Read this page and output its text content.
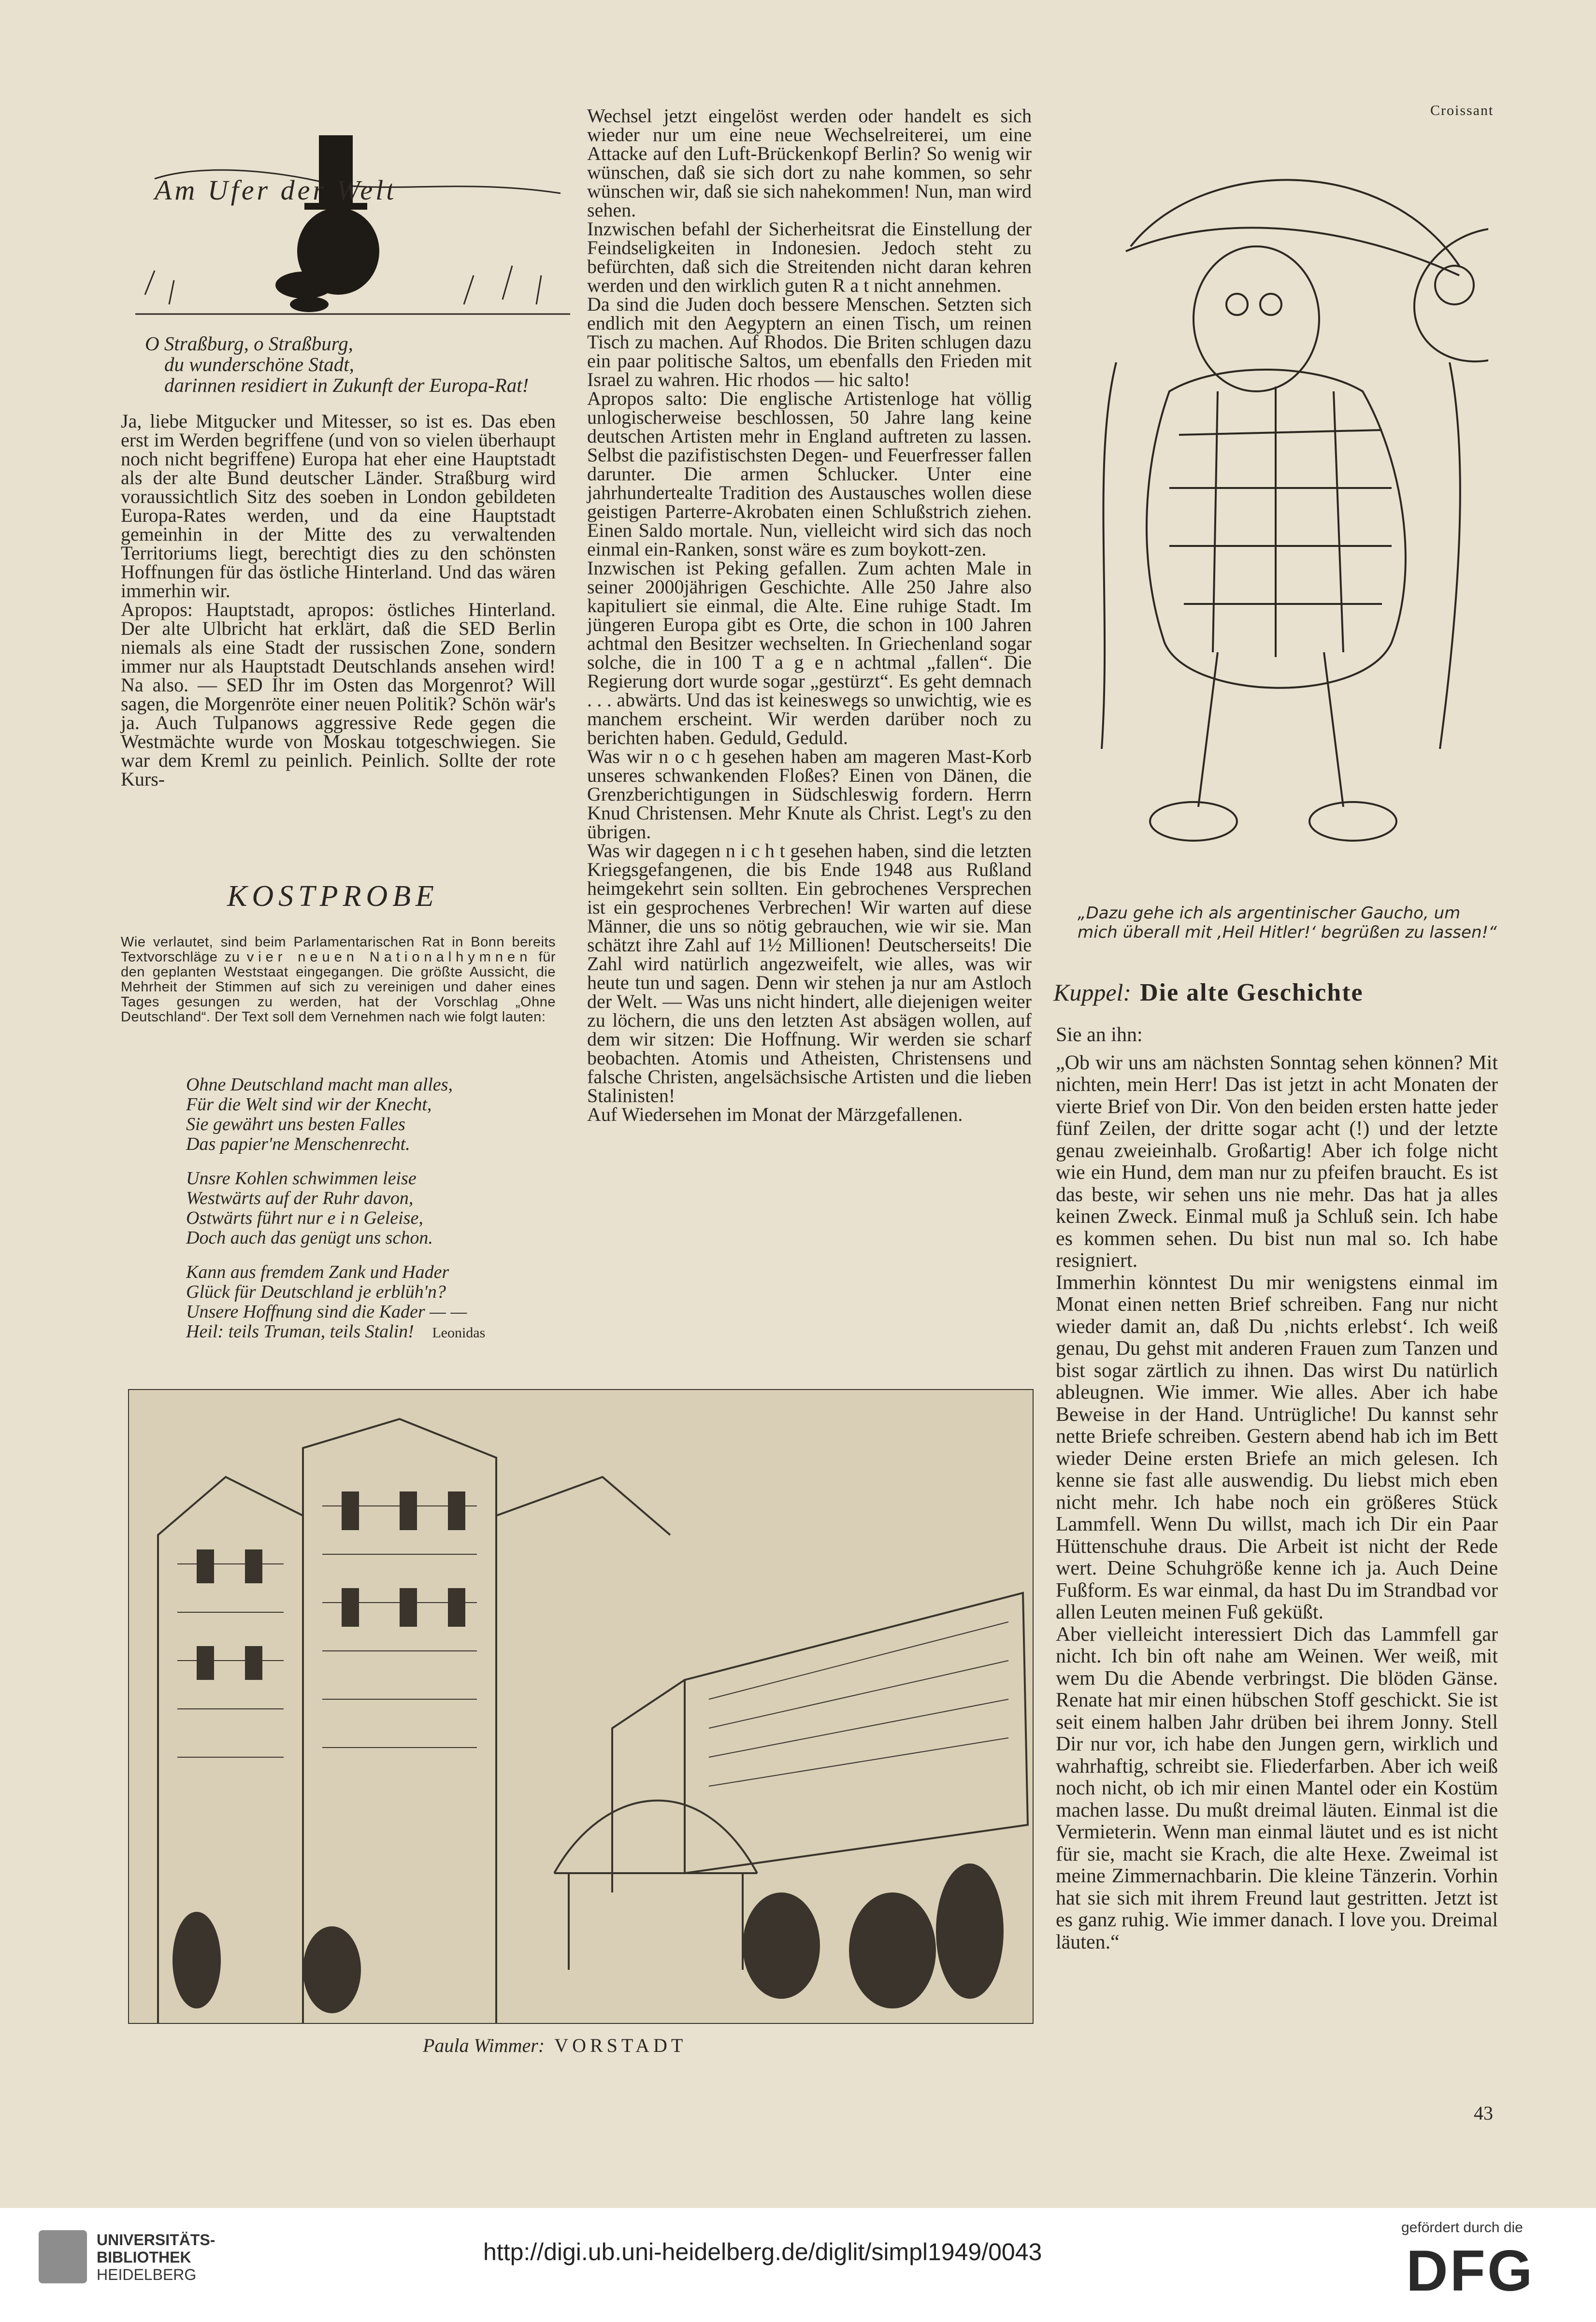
Am Ufer der Welt
O Straßburg, o Straßburg,
du wunderschöne Stadt,
darinnen residiert in Zukunft der Europa-Rat!

Ja, liebe Mitgucker und Mitesser, so ist es. Das eben erst im Werden begriffene (und von so vielen überhaupt noch nicht begriffene) Europa hat eher eine Hauptstadt als der alte Bund deutscher Länder. Straßburg wird voraussichtlich Sitz des soeben in London gebildeten Europa-Rates werden, und da eine Hauptstadt gemeinhin in der Mitte des zu verwaltenden Territoriums liegt, berechtigt dies zu den schönsten Hoffnungen für das östliche Hinterland. Und das wären immerhin wir.

Apropos: Hauptstadt, apropos: östliches Hinterland. Der alte Ulbricht hat erklärt, daß die SED Berlin niemals als eine Stadt der russischen Zone, sondern immer nur als Hauptstadt Deutschlands ansehen wird! Na also. — SED Ihr im Osten das Morgenrot? Will sagen, die Morgenröte einer neuen Politik? Schön wär's ja. Auch Tulpanows aggressive Rede gegen die Westmächte wurde von Moskau totgeschwiegen. Sie war dem Kreml zu peinlich. Peinlich. Sollte der rote Kurs-

KOSTPROBE

Wie verlautet, sind beim Parlamentarischen Rat in Bonn bereits Textvorschläge zu vier neuen Nationalhymnen für den geplanten Weststaat eingegangen. Die größte Aussicht, die Mehrheit der Stimmen auf sich zu vereinigen und daher eines Tages gesungen zu werden, hat der Vorschlag „Ohne Deutschland“. Der Text soll dem Vernehmen nach wie folgt lauten:

Ohne Deutschland macht man alles,
Für die Welt sind wir der Knecht,
Sie gewährt uns besten Falles
Das papier'ne Menschenrecht.
Unsre Kohlen schwimmen leise
Westwärts auf der Ruhr davon,
Ostwärts führt nur e i n Geleise,
Doch auch das genügt uns schon.
Kann aus fremdem Zank und Hader
Glück für Deutschland je erblüh'n?
Unsere Hoffnung sind die Kader — —
Heil: teils Truman, teils Stalin! Leonidas

Wechsel jetzt eingelöst werden oder handelt es sich wieder nur um eine neue Wechselreiterei, um eine Attacke auf den Luft-Brückenkopf Berlin? So wenig wir wünschen, daß sie sich dort zu nahe kommen, so sehr wünschen wir, daß sie sich nahekommen! Nun, man wird sehen.

Inzwischen befahl der Sicherheitsrat die Einstellung der Feindseligkeiten in Indonesien. Jedoch steht zu befürchten, daß sich die Streitenden nicht daran kehren werden und den wirklich guten R a t nicht annehmen.

Da sind die Juden doch bessere Menschen. Setzten sich endlich mit den Aegyptern an einen Tisch, um reinen Tisch zu machen. Auf Rhodos. Die Briten schlugen dazu ein paar politische Saltos, um ebenfalls den Frieden mit Israel zu wahren. Hic rhodos — hic salto!

Apropos salto: Die englische Artistenloge hat völlig unlogischerweise beschlossen, 50 Jahre lang keine deutschen Artisten mehr in England auftreten zu lassen. Selbst die pazifistischsten Degen- und Feuerfresser fallen darunter. Die armen Schlucker. Unter eine jahrhundertealte Tradition des Austausches wollen diese geistigen Parterre-Akrobaten einen Schlußstrich ziehen. Einen Saldo mortale. Nun, vielleicht wird sich das noch einmal ein-Ranken, sonst wäre es zum boykott-zen.

Inzwischen ist Peking gefallen. Zum achten Male in seiner 2000jährigen Geschichte. Alle 250 Jahre also kapituliert sie einmal, die Alte. Eine ruhige Stadt. Im jüngeren Europa gibt es Orte, die schon in 100 Jahren achtmal den Besitzer wechselten. In Griechenland sogar solche, die in 100 T a g e n achtmal „fallen“. Die Regierung dort wurde sogar „gestürzt“. Es geht demnach . . . abwärts. Und das ist keineswegs so unwichtig, wie es manchem erscheint. Wir werden darüber noch zu berichten haben. Geduld, Geduld.

Was wir n o c h gesehen haben am mageren Mast-Korb unseres schwankenden Floßes? Einen von Dänen, die Grenzberichtigungen in Südschleswig fordern. Herrn Knud Christensen. Mehr Knute als Christ. Legt's zu den übrigen.

Was wir dagegen n i c h t gesehen haben, sind die letzten Kriegsgefangenen, die bis Ende 1948 aus Rußland heimgekehrt sein sollten. Ein gebrochenes Versprechen ist ein gesprochenes Verbrechen! Wir warten auf diese Männer, die uns so nötig gebrauchen, wie wir sie. Man schätzt ihre Zahl auf 1½ Millionen! Deutscherseits! Die Zahl wird natürlich angezweifelt, wie alles, was wir heute tun und sagen. Denn wir stehen ja nur am Astloch der Welt. — Was uns nicht hindert, alle diejenigen weiter zu löchern, die uns den letzten Ast absägen wollen, auf dem wir sitzen: Die Hoffnung. Wir werden sie scharf beobachten. Atomis und Atheisten, Christensens und falsche Christen, angelsächsische Artisten und die lieben Stalinisten!

Auf Wiedersehen im Monat der Märzgefallenen.

Croissant
„Dazu gehe ich als argentinischer Gaucho, um mich überall mit ‚Heil Hitler!‘ begrüßen zu lassen!“
Kuppel: Die alte Geschichte

Sie an ihn:

„Ob wir uns am nächsten Sonntag sehen können? Mit nichten, mein Herr! Das ist jetzt in acht Monaten der vierte Brief von Dir. Von den beiden ersten hatte jeder fünf Zeilen, der dritte sogar acht (!) und der letzte genau zweieinhalb. Großartig! Aber ich folge nicht wie ein Hund, dem man nur zu pfeifen braucht. Es ist das beste, wir sehen uns nie mehr. Das hat ja alles keinen Zweck. Einmal muß ja Schluß sein. Ich habe es kommen sehen. Du bist nun mal so. Ich habe resigniert.

Immerhin könntest Du mir wenigstens einmal im Monat einen netten Brief schreiben. Fang nur nicht wieder damit an, daß Du ‚nichts erlebst‘. Ich weiß genau, Du gehst mit anderen Frauen zum Tanzen und bist sogar zärtlich zu ihnen. Das wirst Du natürlich ableugnen. Wie immer. Wie alles. Aber ich habe Beweise in der Hand. Untrügliche! Du kannst sehr nette Briefe schreiben. Gestern abend hab ich im Bett wieder Deine ersten Briefe an mich gelesen. Ich kenne sie fast alle auswendig. Du liebst mich eben nicht mehr. Ich habe noch ein größeres Stück Lammfell. Wenn Du willst, mach ich Dir ein Paar Hüttenschuhe draus. Die Arbeit ist nicht der Rede wert. Deine Schuhgröße kenne ich ja. Auch Deine Fußform. Es war einmal, da hast Du im Strandbad vor allen Leuten meinen Fuß geküßt.

Aber vielleicht interessiert Dich das Lammfell gar nicht. Ich bin oft nahe am Weinen. Wer weiß, mit wem Du die Abende verbringst. Die blöden Gänse. Renate hat mir einen hübschen Stoff geschickt. Sie ist seit einem halben Jahr drüben bei ihrem Jonny. Stell Dir nur vor, ich habe den Jungen gern, wirklich und wahrhaftig, schreibt sie. Fliederfarben. Aber ich weiß noch nicht, ob ich mir einen Mantel oder ein Kostüm machen lasse. Du mußt dreimal läuten. Einmal ist die Vermieterin. Wenn man einmal läutet und es ist nicht für sie, macht sie Krach, die alte Hexe. Zweimal ist meine Zimmernachbarin. Die kleine Tänzerin. Vorhin hat sie sich mit ihrem Freund laut gestritten. Jetzt ist es ganz ruhig. Wie immer danach. I love you. Dreimal läuten.“

Paula Wimmer: VORSTADT
43
UNIVERSITÄTS-
BIBLIOTHEK
HEIDELBERG
http://digi.ub.uni-heidelberg.de/diglit/simpl1949/0043
gefördert durch die
DFG
